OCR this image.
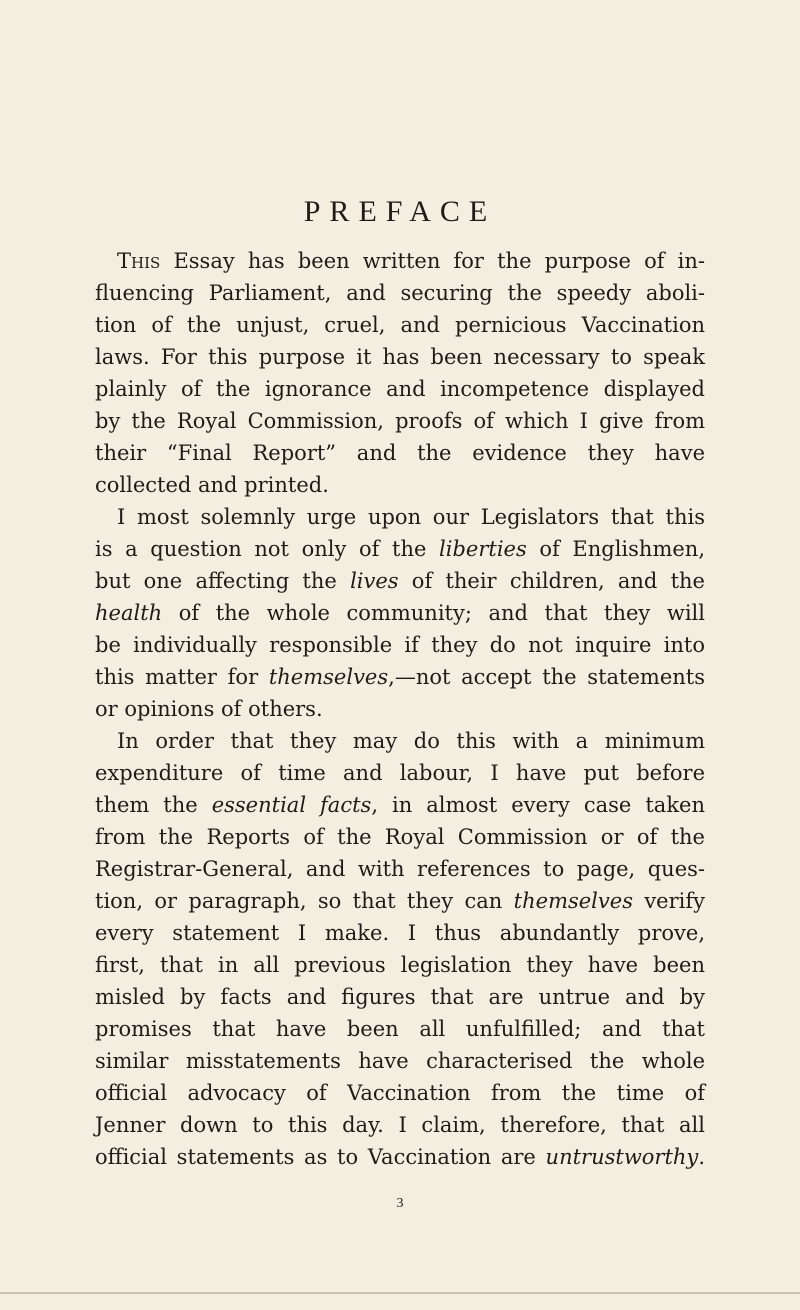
PREFACE

This Essay has been written for the purpose of in-
fluencing Parliament, and securing the speedy aboli-
tion of the unjust, cruel, and pernicious Vaccination
laws. For this purpose it has been necessary to speak
plainly of the ignorance and incompetence displayed
by the Royal Commission, proofs of which I give from
their “Final Report” and the evidence they have
collected and printed.

I most solemnly urge upon our Legislators that this
is a question not only of the liberties of Englishmen,
but one affecting the lives of their children, and the
health of the whole community; and that they will
be individually responsible if they do not inquire into
this matter for themselves,—not accept the statements
or opinions of others.

In order that they may do this with a minimum
expenditure of time and labour, I have put before
them the essential facts, in almost every case taken
from the Reports of the Royal Commission or of the
Registrar-General, and with references to page, ques-
tion, or paragraph, so that they can themselves verify
every statement I make. I thus abundantly prove,
first, that in all previous legislation they have been
misled by facts and figures that are untrue and by
promises that have been all unfulfilled; and that
similar misstatements have characterised the whole
official advocacy of Vaccination from the time of
Jenner down to this day. I claim, therefore, that all
official statements as to Vaccination are untrustworthy.

3
